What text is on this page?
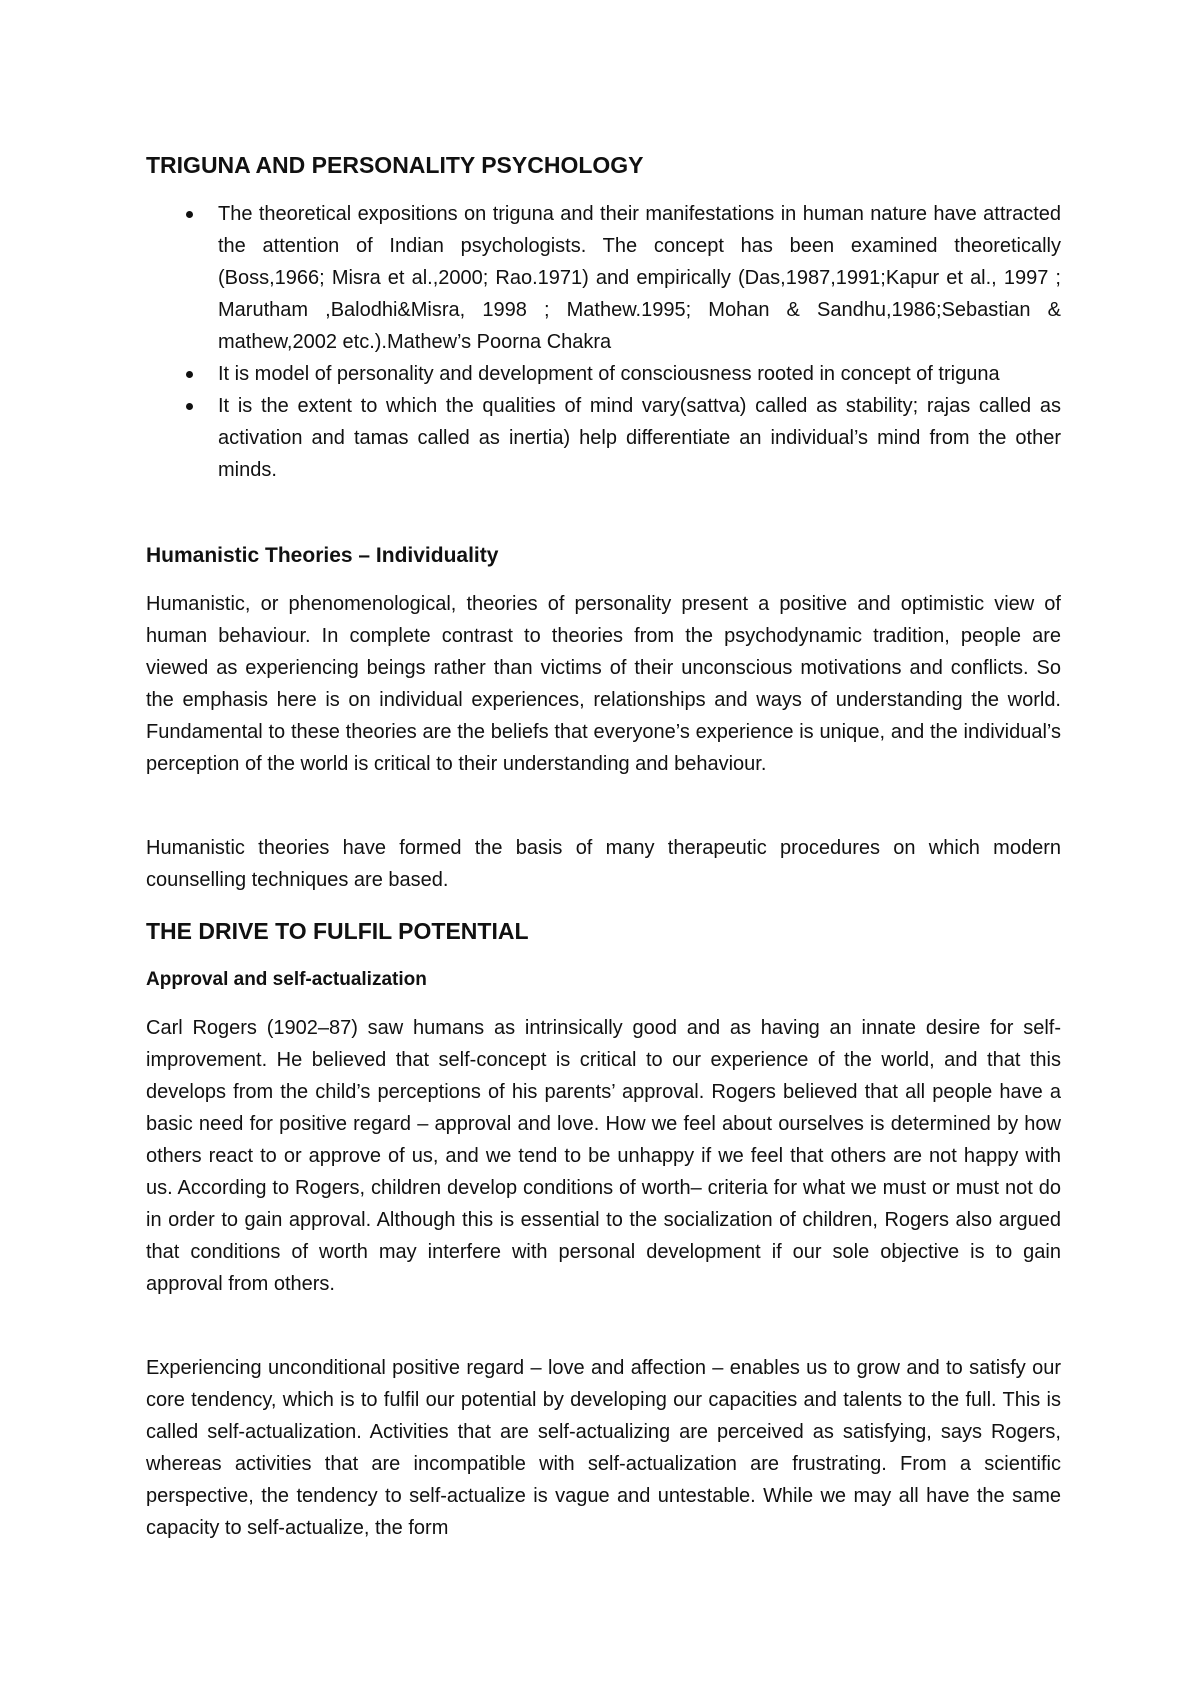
TRIGUNA AND PERSONALITY PSYCHOLOGY
The theoretical expositions on triguna and their manifestations in human nature have attracted the attention of Indian psychologists. The concept has been examined theoretically (Boss,1966; Misra et al.,2000; Rao.1971) and empirically (Das,1987,1991;Kapur et al., 1997 ; Marutham ,Balodhi&Misra, 1998 ; Mathew.1995; Mohan & Sandhu,1986;Sebastian & mathew,2002 etc.).Mathew’s Poorna Chakra
It is model of personality and development of consciousness rooted in concept of triguna
It is the extent to which the qualities of mind vary(sattva) called as stability; rajas called as activation and tamas called as inertia) help differentiate an individual’s mind from the other minds.
Humanistic Theories – Individuality

Humanistic, or phenomenological, theories of personality present a positive and optimistic view of human behaviour. In complete contrast to theories from the psychodynamic tradition, people are viewed as experiencing beings rather than victims of their unconscious motivations and conflicts. So the emphasis here is on individual experiences, relationships and ways of understanding the world. Fundamental to these theories are the beliefs that everyone’s experience is unique, and the individual’s perception of the world is critical to their understanding and behaviour.

Humanistic theories have formed the basis of many therapeutic procedures on which modern counselling techniques are based.

THE DRIVE TO FULFIL POTENTIAL
Approval and self-actualization

Carl Rogers (1902–87) saw humans as intrinsically good and as having an innate desire for self-improvement. He believed that self-concept is critical to our experience of the world, and that this develops from the child’s perceptions of his parents’ approval. Rogers believed that all people have a basic need for positive regard – approval and love. How we feel about ourselves is determined by how others react to or approve of us, and we tend to be unhappy if we feel that others are not happy with us. According to Rogers, children develop conditions of worth– criteria for what we must or must not do in order to gain approval. Although this is essential to the socialization of children, Rogers also argued that conditions of worth may interfere with personal development if our sole objective is to gain approval from others.

Experiencing unconditional positive regard – love and affection – enables us to grow and to satisfy our core tendency, which is to fulfil our potential by developing our capacities and talents to the full. This is called self-actualization. Activities that are self-actualizing are perceived as satisfying, says Rogers, whereas activities that are incompatible with self-actualization are frustrating. From a scientific perspective, the tendency to self-actualize is vague and untestable. While we may all have the same capacity to self-actualize, the form
